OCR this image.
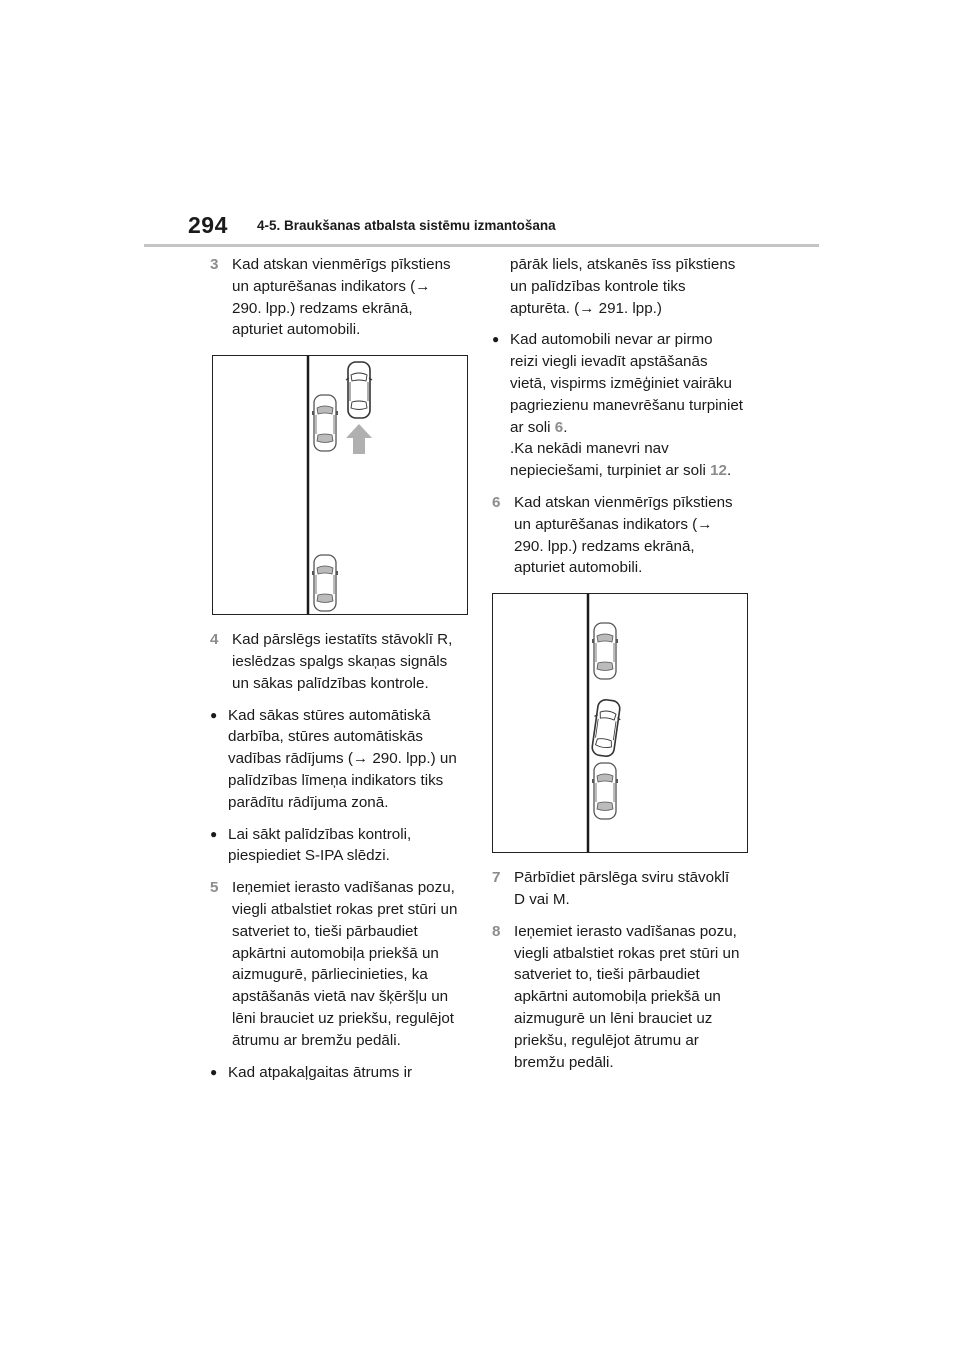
294 4-5. Braukšanas atbalsta sistēmu izmantošana
3 Kad atskan vienmērīgs pīkstiens un apturēšanas indikators (→ 290. lpp.) redzams ekrānā, apturiet automobili.
4 Kad pārslēgs iestatīts stāvoklī R, ieslēdzas spalgs skaņas signāls un sākas palīdzības kontrole.
● Kad sākas stūres automātiskā darbība, stūres automātiskās vadības rādījums (→ 290. lpp.) un palīdzības līmeņa indikators tiks parādītu rādījuma zonā.
● Lai sākt palīdzības kontroli, piespiediet S-IPA slēdzi.
5 Ieņemiet ierasto vadīšanas pozu, viegli atbalstiet rokas pret stūri un satveriet to, tieši pārbaudiet apkārtni automobiļa priekšā un aizmugurē, pārliecinieties, ka apstāšanās vietā nav šķēršļu un lēni brauciet uz priekšu, regulējot ātrumu ar bremžu pedāli.
● Kad atpakaļgaitas ātrums ir
pārāk liels, atskanēs īss pīkstiens un palīdzības kontrole tiks apturēta. (→ 291. lpp.)
● Kad automobili nevar ar pirmo reizi viegli ievadīt apstāšanās vietā, vispirms izmēģiniet vairāku pagriezienu manevrēšanu turpiniet ar soli 6.
.Ka nekādi manevri nav nepieciešami, turpiniet ar soli 12.
6 Kad atskan vienmērīgs pīkstiens un apturēšanas indikators (→ 290. lpp.) redzams ekrānā, apturiet automobili.
7 Pārbīdiet pārslēga sviru stāvoklī D vai M.
8 Ieņemiet ierasto vadīšanas pozu, viegli atbalstiet rokas pret stūri un satveriet to, tieši pārbaudiet apkārtni automobiļa priekšā un aizmugurē un lēni brauciet uz priekšu, regulējot ātrumu ar bremžu pedāli.
